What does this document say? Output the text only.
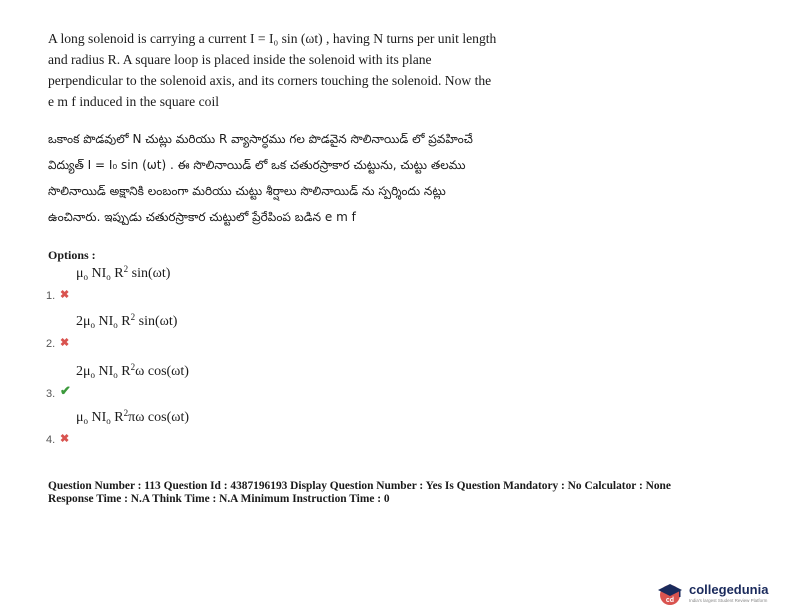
A long solenoid is carrying a current I = I₀ sin (ωt) , having N turns per unit length

and radius R. A square loop is placed inside the solenoid with its plane

perpendicular to the solenoid axis, and its corners touching the solenoid. Now the

e m f induced in the square coil

ఒకాంక పొడవులో N చుట్లు మరియు R వ్యాసార్ధము గల పొడవైన సొలినాయిడ్ లో ప్రవహించే

విద్యుత్ I = I₀ sin (ωt) . ఈ సొలినాయిడ్ లో ఒక చతురస్రాకార చుట్టును, చుట్టు తలము

సొలినాయిడ్ అక్షానికి లంబంగా మరియు చుట్టు శీర్షాలు సొలినాయిడ్ ను స్పర్శిందు నట్లు

ఉంచినారు. ఇప్పుడు చతురస్రాకార చుట్టులో ప్రేరేపింప బడిన e m f

Options :
1. ✖
$\mu_o$ $NI_o$ $R^2$ sin(ωt)
2. ✖
$2\mu_o$ $NI_o$ $R^2$ sin(ωt)
3. ✔
$2\mu_o$ $NI_o$ $R^2\omega$ cos(ωt)
4. ✖
$\mu_o$ $NI_o$ $R^2\pi\omega$ cos(ωt)

Question Number : 113 Question Id : 4387196193 Display Question Number : Yes Is Question Mandatory : No Calculator : None

Response Time : N.A Think Time : N.A Minimum Instruction Time : 0

cd
collegedunia
India's largest Student Review Platform
